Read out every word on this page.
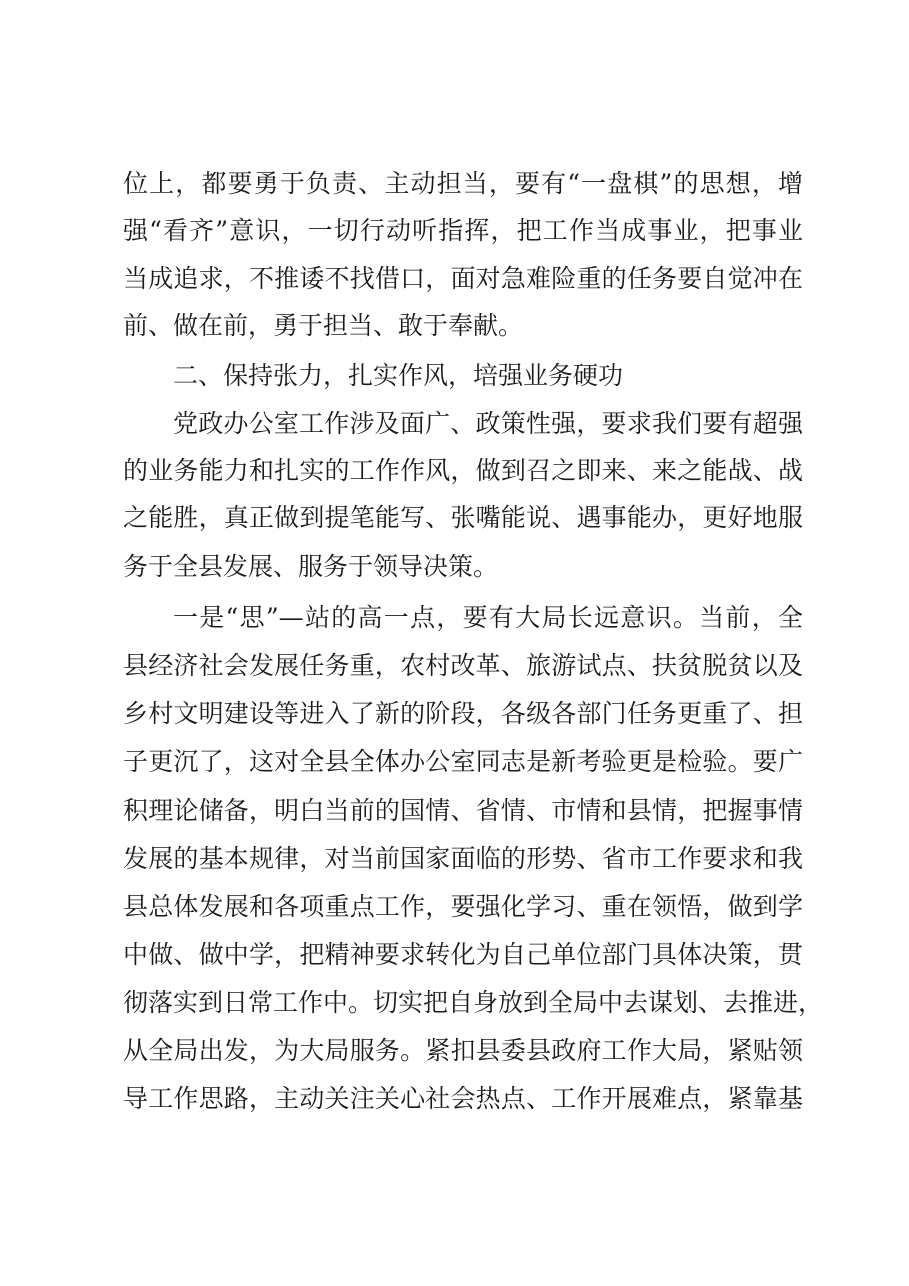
位上，都要勇于负责、主动担当，要有“一盘棋”的思想，增
强“看齐”意识，一切行动听指挥，把工作当成事业，把事业
当成追求，不推诿不找借口，面对急难险重的任务要自觉冲在
前、做在前，勇于担当、敢于奉献。
二、保持张力，扎实作风，培强业务硬功
党政办公室工作涉及面广、政策性强，要求我们要有超强
的业务能力和扎实的工作作风，做到召之即来、来之能战、战
之能胜，真正做到提笔能写、张嘴能说、遇事能办，更好地服
务于全县发展、服务于领导决策。
一是“思”—站的高一点，要有大局长远意识。当前，全
县经济社会发展任务重，农村改革、旅游试点、扶贫脱贫以及
乡村文明建设等进入了新的阶段，各级各部门任务更重了、担
子更沉了，这对全县全体办公室同志是新考验更是检验。要广
积理论储备，明白当前的国情、省情、市情和县情，把握事情
发展的基本规律，对当前国家面临的形势、省市工作要求和我
县总体发展和各项重点工作，要强化学习、重在领悟，做到学
中做、做中学，把精神要求转化为自己单位部门具体决策，贯
彻落实到日常工作中。切实把自身放到全局中去谋划、去推进，
从全局出发，为大局服务。紧扣县委县政府工作大局，紧贴领
导工作思路，主动关注关心社会热点、工作开展难点，紧靠基
